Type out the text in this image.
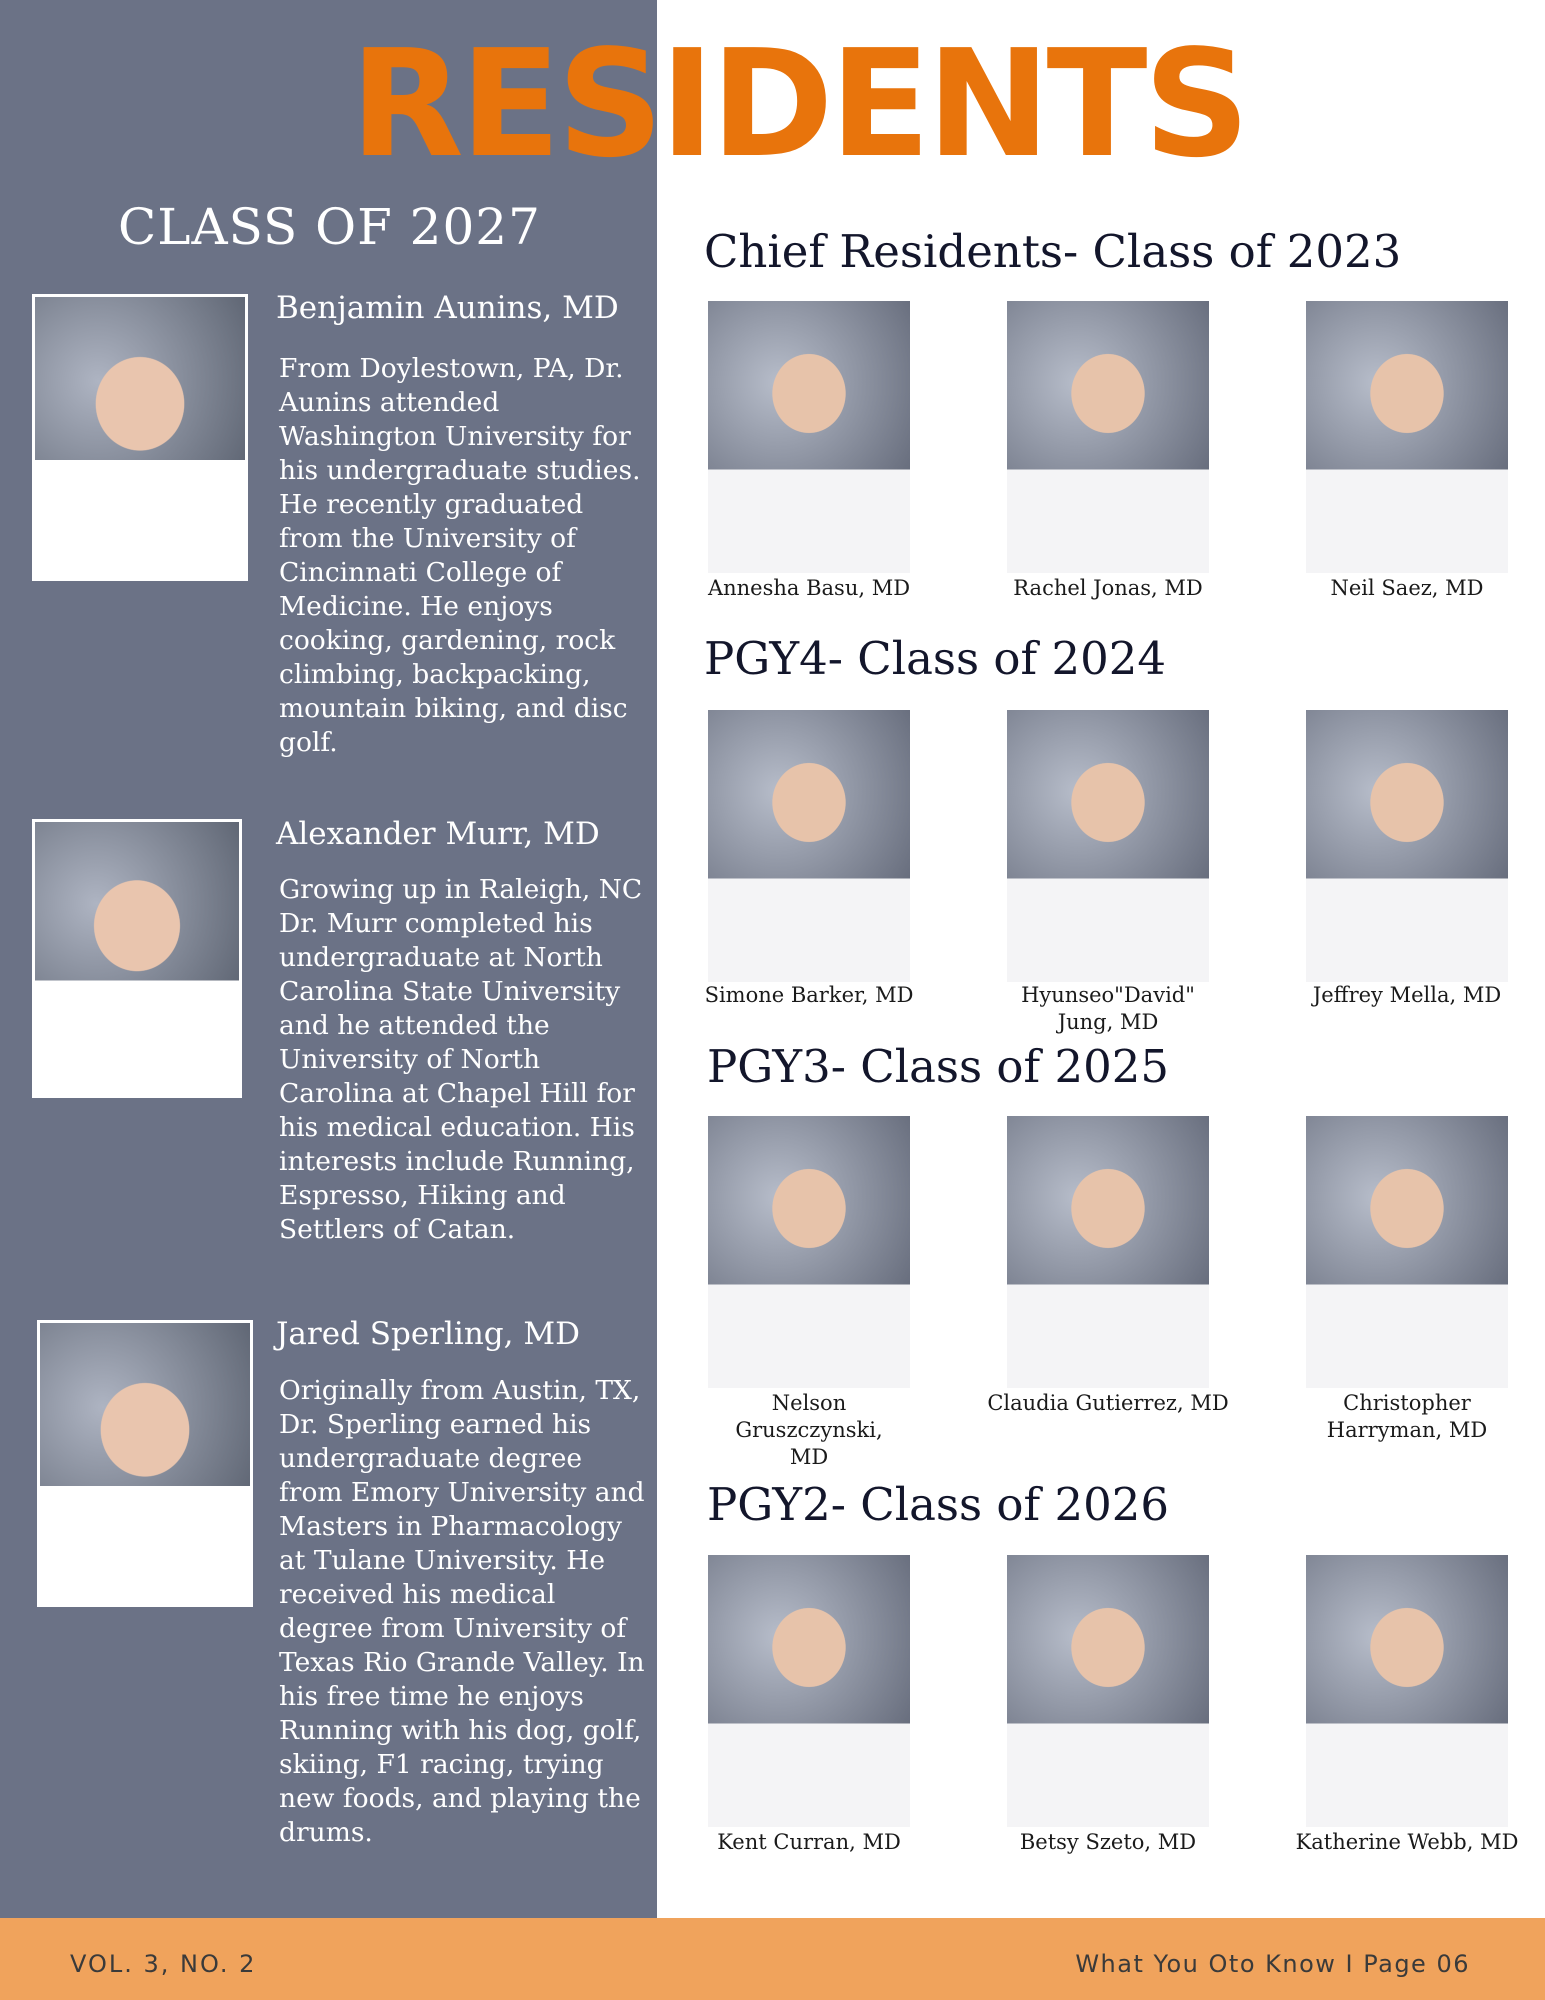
VOL. 3, NO. 2	What You Oto Know I Page 06
RESIDENTS
CLASS OF 2027
Benjamin Aunins, MD

From Doylestown, PA, Dr. Aunins attended Washington University for his undergraduate studies. He recently graduated from the University of Cincinnati College of Medicine. He enjoys cooking, gardening, rock climbing, backpacking, mountain biking, and disc golf.

Alexander Murr, MD

Growing up in Raleigh, NC Dr. Murr completed his undergraduate at North Carolina State University and he attended the University of North Carolina at Chapel Hill for his medical education. His interests include Running, Espresso, Hiking and Settlers of Catan.

Jared Sperling, MD

Originally from Austin, TX, Dr. Sperling earned his undergraduate degree from Emory University and Masters in Pharmacology at Tulane University. He received his medical degree from University of Texas Rio Grande Valley. In his free time he enjoys Running with his dog, golf, skiing, F1 racing, trying new foods, and playing the drums.

Chief Residents- Class of 2023

Annesha Basu, MD	Rachel Jonas, MD	Neil Saez, MD

PGY4- Class of 2024

Simone Barker, MD	Hyunseo"David" Jung, MD

Jeffrey Mella, MD

PGY3- Class of 2025

Nelson Gruszczynski, MD

Claudia Gutierrez, MD	Christopher Harryman, MD

PGY2- Class of 2026

Kent Curran, MD	Betsy Szeto, MD	Katherine Webb, MD
